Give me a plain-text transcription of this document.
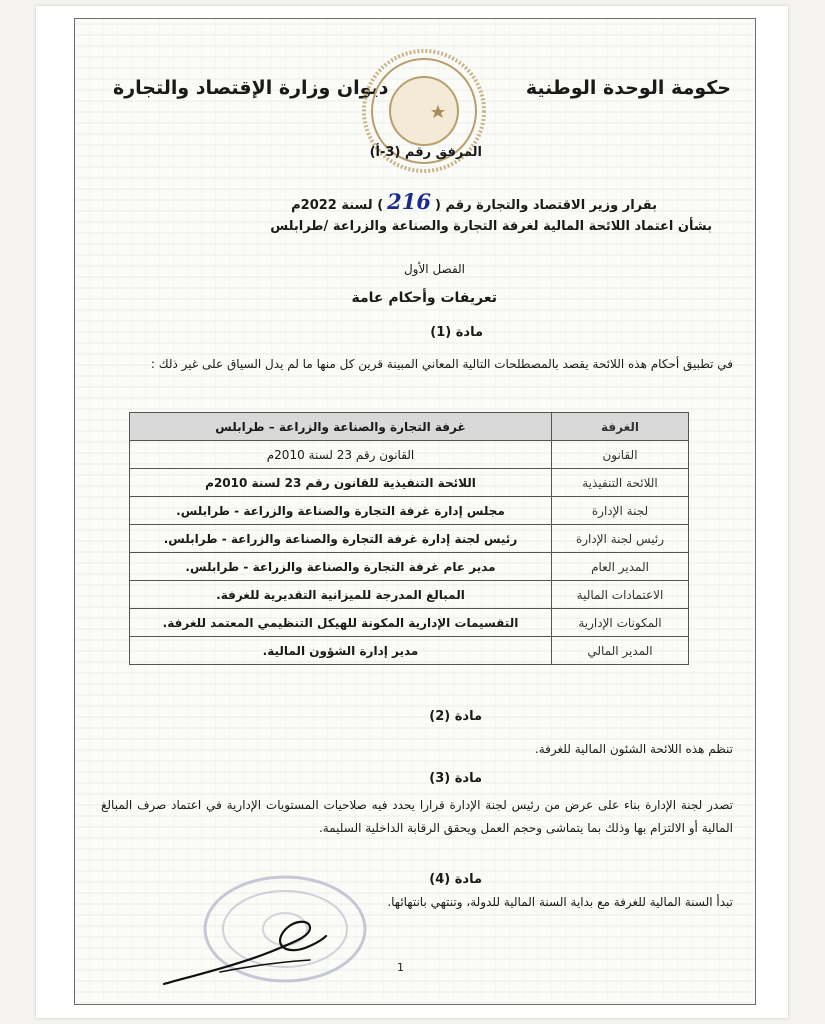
حكومة الوحدة الوطنية
ديوان وزارة الإقتصاد والتجارة
المرفق رقم (3-أ)
بقرار وزير الاقتصاد والتجارة رقم (216) لسنة 2022م
بشأن اعتماد اللائحة المالية لغرفة التجارة والصناعة والزراعة /طرابلس
الفصل الأول
تعريفات وأحكام عامة
مادة (1)
في تطبيق أحكام هذه اللائحة يقصد بالمصطلحات التالية المعاني المبينة قرين كل منها ما لم يدل السياق على غير ذلك :
الغرفة	غرفة التجارة والصناعة والزراعة – طرابلس
القانون	القانون رقم 23 لسنة 2010م
اللائحة التنفيذية	اللائحة التنفيذية للقانون رقم 23 لسنة 2010م
لجنة الإدارة	مجلس إدارة غرفة التجارة والصناعة والزراعة - طرابلس.
رئيس لجنة الإدارة	رئيس لجنة إدارة غرفة التجارة والصناعة والزراعة - طرابلس.
المدير العام	مدير عام غرفة التجارة والصناعة والزراعة - طرابلس.
الاعتمادات المالية	المبالغ المدرجة للميزانية التقديرية للغرفة.
المكونات الإدارية	التقسيمات الإدارية المكونة للهيكل التنظيمي المعتمد للغرفة.
المدير المالي	مدير إدارة الشؤون المالية.
مادة (2)
تنظم هذه اللائحة الشئون المالية للغرفة.
مادة (3)
تصدر لجنة الإدارة بناء على عرض من رئيس لجنة الإدارة قرارا يحدد فيه صلاحيات المستويات الإدارية في اعتماد صرف المبالغ المالية أو الالتزام بها وذلك بما يتماشى وحجم العمل ويحقق الرقابة الداخلية السليمة.
مادة (4)
تبدأ السنة المالية للغرفة مع بداية السنة المالية للدولة، وتنتهي بانتهائها.
1
